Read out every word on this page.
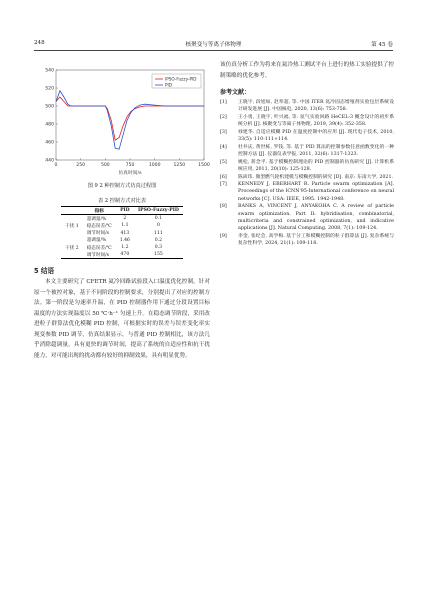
248	核聚变与等离子体物理	第 45 卷
440
460
480
500
520
540
0	250	500	750	1000	1250	1500
仿真时间/s
IPSO-Fuzzy-PID
PID
图 9 2 种控制方式仿真过程图
表 2 控制方式对比表
	指标	PID	IPSO-Fuzzy-PID
干扰 1	超调量/%	2	0.1
	稳态误差/℃	1.1	0
	调节时间/s	413	111
干扰 2	超调量/%	1.46	0.2
	稳态误差/℃	1.2	0.3
	调节时间/s	470	155
5 结语

本文主要研究了 CFETR 氦冷回路试验段入口温度优化控制。针对原一个被控对象，基于不同阶段的控制要求，分别提出了对应的控制方法。第一阶段是匀速率升温，在 PID 控制器作用下通过分段设置目标温度的方法实现温度以 50 ℃·h⁻¹ 匀速上升。在稳态调节阶段，采用改进粒子群算法优化模糊 PID 控制，可根据实时的误差与误差变化率实现变参数 PID 调节，仿真结果显示，与普通 PID 控制相比，该方法几乎消除超调量，具有更快的调节时间，提高了系统的自适应性和抗干扰能力，对可能出现的扰动都有较好的抑制效果，具有明显优势。

该仿真分析工作为将来在氦冷热工测试平台上进行的热工实验提供了控制策略的优化参考。

参考文献：
[1]	王晓宇, 段旭如, 赵奉超, 等. 中国 ITER 氦冷固态增殖剂实验包层系统设计研发进展 [J]. 中国核电, 2020, 13(6): 753-758.
[2]	王小勇, 王晓宇, 叶兴福, 等. 氦气实验回路 HeCEL-3 概念设计的初步系统分析 [J]. 核聚变与等离子体物理, 2019, 39(4): 352-358.
[3]	禄建华. 自适应模糊 PID 在温度控制中的应用 [J]. 现代电子技术, 2010, 33(5): 110-111+114.
[4]	杜井庆, 黄世栋, 罗钱, 等. 基于 PID 算法的控制参数任意函数变化的一种控制方法 [J]. 仪器仪表学报, 2011, 32(6): 1317-1323.
[5]	姚松, 蒋念平. 基于模糊控制理论的 PID 控制器的仿真研究 [J]. 计算机系统应用, 2011, 20(10): 125-128.
[6]	陈尚玮. 微型燃气轮机建模与模糊控制的研究 [D]. 南京: 东南大学, 2021.
[7]	KENNEDY J, EBERHART R. Particle swarm optimization [A]. Proceedings of the ICNN'95-International conference on neural networks [C]. USA: IEEE, 1995. 1942-1948.
[8]	BANKS A, VINCENT J, ANYAKOHA C. A review of particle swarm optimization. Part II: hybridisation, combinatorial, multicriteria and constrained optimization, and indicative applications [J]. Natural Computing, 2008, 7(1): 109-124.
[9]	李金, 张纪会, 高学梅. 基于分工和模糊控制的粒子群算法 [J]. 复杂系统与复杂性科学, 2024, 21(1): 109-118.
